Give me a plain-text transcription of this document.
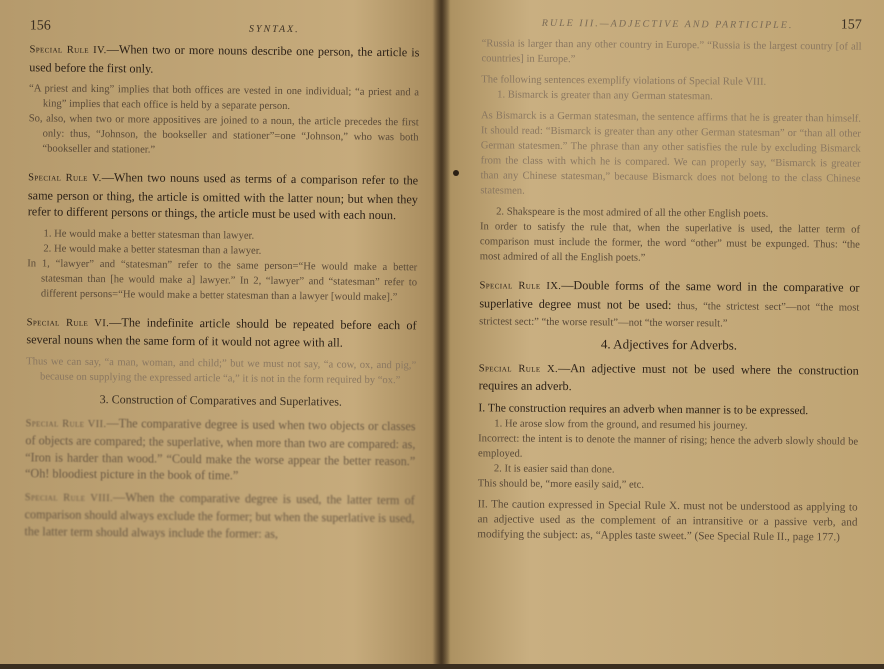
156	SYNTAX.

Special Rule IV.—When two or more nouns describe one person, the article is used before the first only.

“A priest and king” implies that both offices are vested in one individual; “a priest and a king” implies that each office is held by a separate person.

So, also, when two or more appositives are joined to a noun, the article precedes the first only: thus, “Johnson, the bookseller and stationer”=one “Johnson,” who was both “bookseller and stationer.”

Special Rule V.—When two nouns used as terms of a comparison refer to the same person or thing, the article is omitted with the latter noun; but when they refer to different persons or things, the article must be used with each noun.

1. He would make a better statesman than lawyer.

2. He would make a better statesman than a lawyer.

In 1, “lawyer” and “statesman” refer to the same person=“He would make a better statesman than [he would make a] lawyer.” In 2, “lawyer” and “statesman” refer to different persons=“He would make a better statesman than a lawyer [would make].”

Special Rule VI.—The indefinite article should be repeated before each of several nouns when the same form of it would not agree with all.

Thus we can say, “a man, woman, and child;” but we must not say, “a cow, ox, and pig,” because on supplying the expressed article “a,” it is not in the form required by “ox.”

3. Construction of Comparatives and Superlatives.

Special Rule VII.—The comparative degree is used when two objects or classes of objects are compared; the superlative, when more than two are compared: as, “Iron is harder than wood.” “Could make the worse appear the better reason.” “Oh! bloodiest picture in the book of time.”

Special Rule VIII.—When the comparative degree is used, the latter term of comparison should always exclude the former; but when the superlative is used, the latter term should always include the former: as,

RULE III.—ADJECTIVE AND PARTICIPLE.	157

“Russia is larger than any other country in Europe.” “Russia is the largest country [of all countries] in Europe.”

The following sentences exemplify violations of Special Rule VIII.

1. Bismarck is greater than any German statesman.

As Bismarck is a German statesman, the sentence affirms that he is greater than himself. It should read: “Bismarck is greater than any other German statesman” or “than all other German statesmen.” The phrase than any other satisfies the rule by excluding Bismarck from the class with which he is compared. We can properly say, “Bismarck is greater than any Chinese statesman,” because Bismarck does not belong to the class Chinese statesmen.

2. Shakspeare is the most admired of all the other English poets.

In order to satisfy the rule that, when the superlative is used, the latter term of comparison must include the former, the word “other” must be expunged. Thus: “the most admired of all the English poets.”

Special Rule IX.—Double forms of the same word in the comparative or superlative degree must not be used: thus, “the strictest sect”—not “the most strictest sect:” “the worse result”—not “the worser result.”

4. Adjectives for Adverbs.

Special Rule X.—An adjective must not be used where the construction requires an adverb.

I. The construction requires an adverb when manner is to be expressed.

1. He arose slow from the ground, and resumed his journey.

Incorrect: the intent is to denote the manner of rising; hence the adverb slowly should be employed.

2. It is easier said than done.

This should be, “more easily said,” etc.

II. The caution expressed in Special Rule X. must not be understood as applying to an adjective used as the complement of an intransitive or a passive verb, and modifying the subject: as, “Apples taste sweet.” (See Special Rule II., page 177.)
